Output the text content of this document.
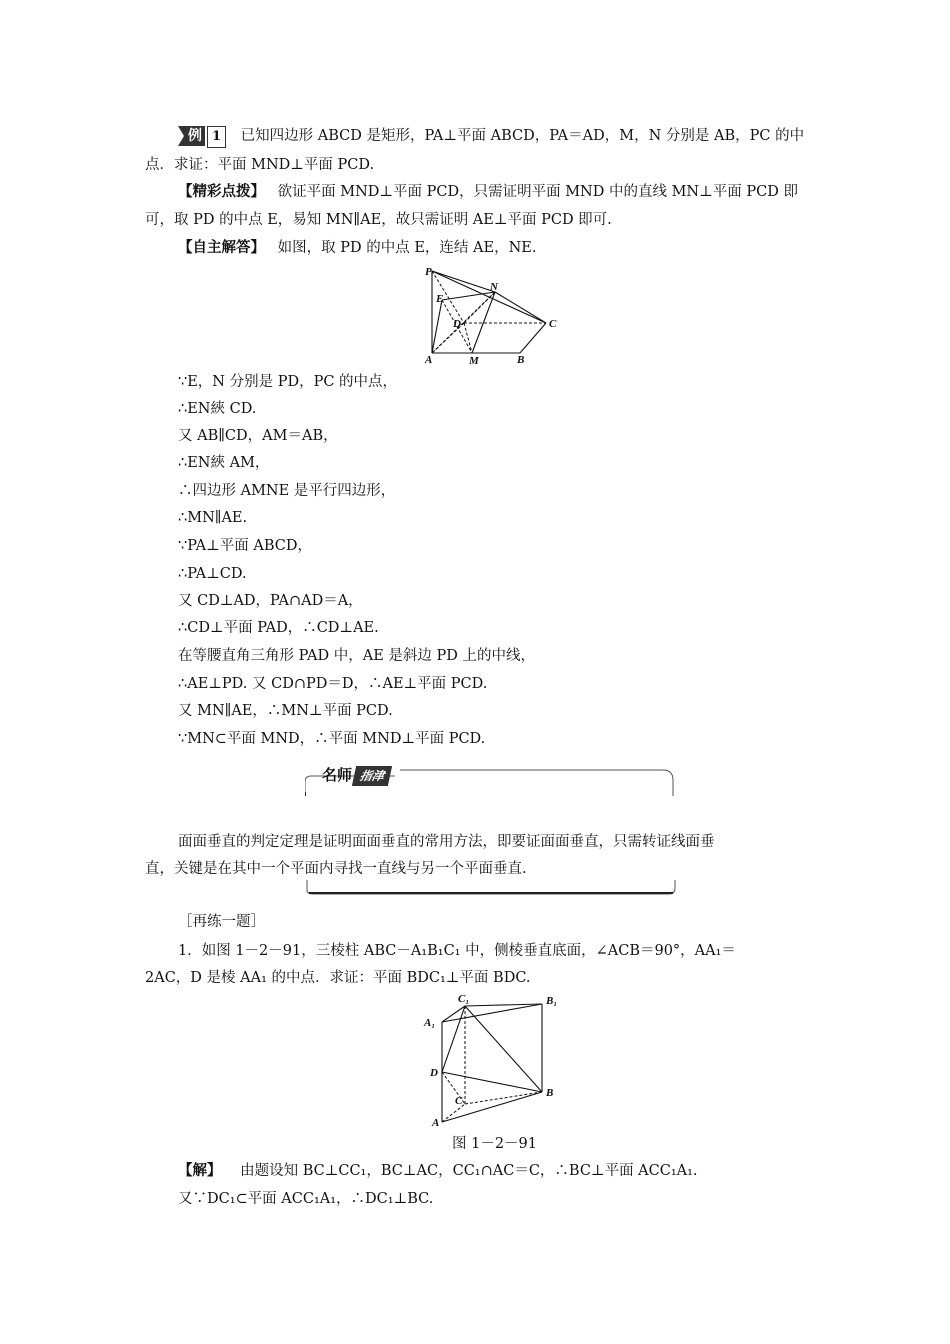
例 1 已知四边形 ABCD 是矩形，PA⊥平面 ABCD，PA＝AD，M，N 分别是 AB，PC 的中
点．求证：平面 MND⊥平面 PCD.
【精彩点拨】 欲证平面 MND⊥平面 PCD，只需证明平面 MND 中的直线 MN⊥平面 PCD 即
可，取 PD 的中点 E，易知 MN∥AE，故只需证明 AE⊥平面 PCD 即可.
【自主解答】 如图，取 PD 的中点 E，连结 AE，NE.
P
E
N
D	C
A	M	B
∵E，N 分别是 PD，PC 的中点，
∴EN綊 CD.
又 AB∥CD，AM＝AB，
∴EN綊 AM，
∴四边形 AMNE 是平行四边形，
∴MN∥AE.
∵PA⊥平面 ABCD，
∴PA⊥CD.
又 CD⊥AD，PA∩AD＝A，
∴CD⊥平面 PAD，∴CD⊥AE.
在等腰直角三角形 PAD 中，AE 是斜边 PD 上的中线，
∴AE⊥PD. 又 CD∩PD＝D，∴AE⊥平面 PCD.
又 MN∥AE，∴MN⊥平面 PCD.
∵MN⊂平面 MND，∴平面 MND⊥平面 PCD.
名师 指津
面面垂直的判定定理是证明面面垂直的常用方法，即要证面面垂直，只需转证线面垂
直，关键是在其中一个平面内寻找一直线与另一个平面垂直.
［再练一题］
1．如图 1－2－91，三棱柱 ABC－A₁B₁C₁ 中，侧棱垂直底面，∠ACB＝90°，AA₁＝
2AC，D 是棱 AA₁ 的中点．求证：平面 BDC₁⊥平面 BDC.
C₁	B₁
A₁
D
C
B
A
图 1－2－91
【解】 由题设知 BC⊥CC₁，BC⊥AC，CC₁∩AC＝C，∴BC⊥平面 ACC₁A₁.
又∵DC₁⊂平面 ACC₁A₁，∴DC₁⊥BC.
